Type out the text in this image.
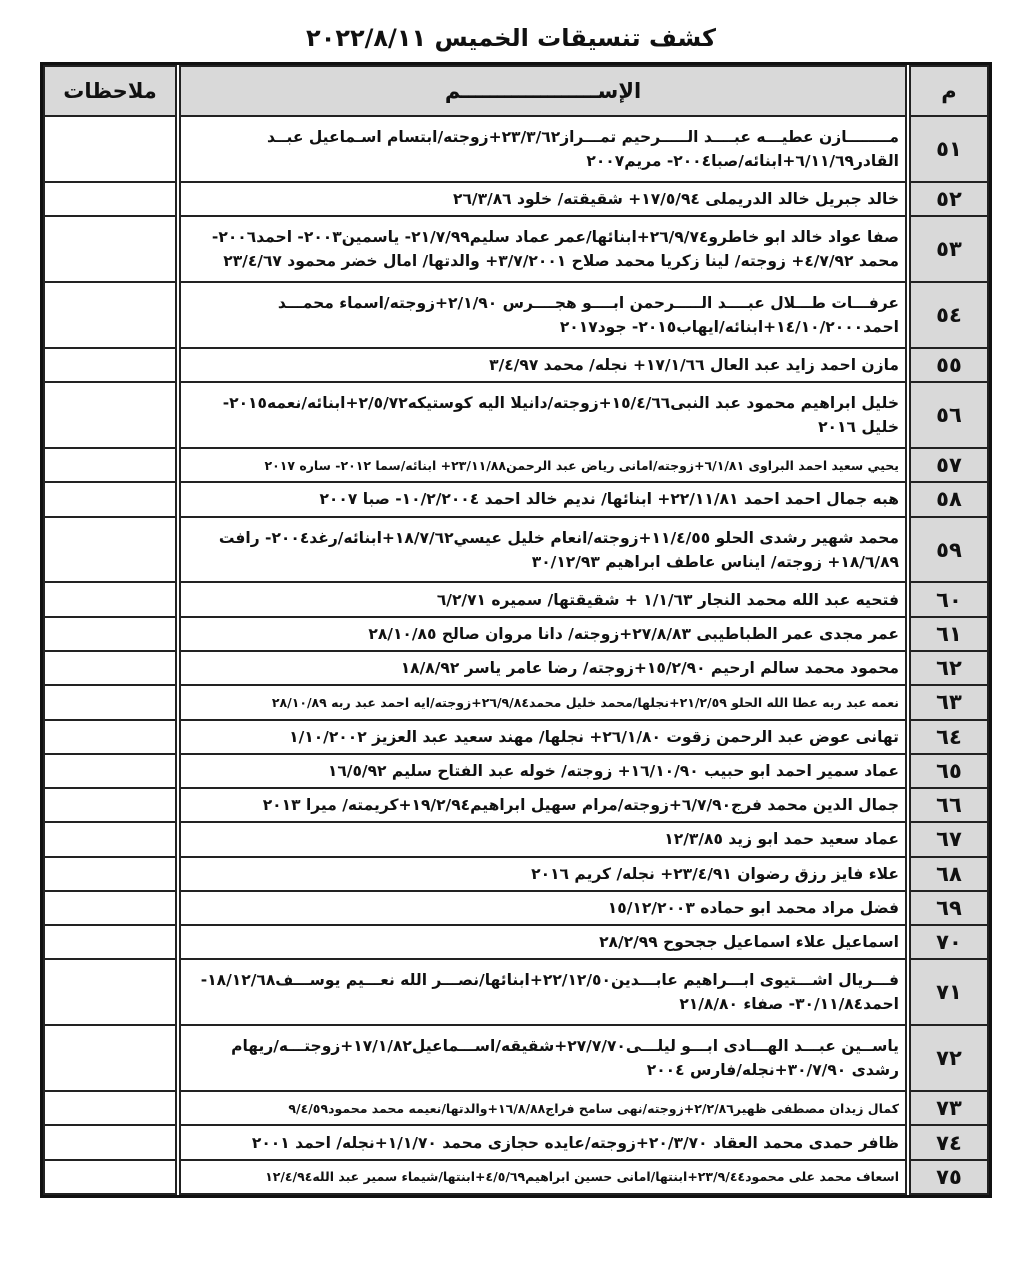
كشف تنسيقات الخميس ٢٠٢٢/٨/١١
م	الإســـــــــــــــــــم	ملاحظات
٥١	مــــــــازن عطيـــه عبــــد الـــــرحيم تمـــراز٢٣/٣/٦٢+زوجته/ابتسام اسـماعيل عبــد القادر٦/١١/٦٩+ابنائه/صبا٢٠٠٤- مريم٢٠٠٧	
٥٢	خالد جبريل خالد الدريملى ١٧/٥/٩٤+ شقيقته/ خلود ٢٦/٣/٨٦	
٥٣	صفا عواد خالد ابو خاطرو٢٦/٩/٧٤+ابنائها/عمر عماد سليم٢١/٧/٩٩- ياسمين٢٠٠٣- احمد٢٠٠٦- محمد ٤/٧/٩٢+ زوجته/ لينا زكريا محمد صلاح ٣/٧/٢٠٠١+ والدتها/ امال خضر محمود ٢٣/٤/٦٧	
٥٤	عرفـــات طـــلال عبــــد الـــــرحمن ابــــو هجــــرس ٢/١/٩٠+زوجته/اسماء محمـــد احمد١٤/١٠/٢٠٠٠+ابنائه/ايهاب٢٠١٥- جود٢٠١٧	
٥٥	مازن احمد زايد عبد العال ١٧/١/٦٦+ نجله/ محمد ٣/٤/٩٧	
٥٦	خليل ابراهيم محمود عبد النبى١٥/٤/٦٦+زوجته/دانيلا اليه كوستيكه٢/٥/٧٢+ابنائه/نعمه٢٠١٥- خليل ٢٠١٦	
٥٧	يحيي سعيد احمد البراوى ٦/١/٨١+زوجته/امانى رياض عبد الرحمن٢٣/١١/٨٨+ ابنائه/سما ٢٠١٢- ساره ٢٠١٧	
٥٨	هبه جمال احمد احمد ٢٢/١١/٨١+ ابنائها/ نديم خالد احمد ١٠/٢/٢٠٠٤- صبا ٢٠٠٧	
٥٩	محمد شهير رشدى الحلو ١١/٤/٥٥+زوجته/انعام خليل عيسي١٨/٧/٦٢+ابنائه/رغد٢٠٠٤- رافت ١٨/٦/٨٩+ زوجته/ ايناس عاطف ابراهيم ٣٠/١٢/٩٣	
٦٠	فتحيه عبد الله محمد النجار ١/١/٦٣ + شقيقتها/ سميره ٦/٢/٧١	
٦١	عمر مجدى عمر الطباطيبى ٢٧/٨/٨٣+زوجته/ دانا مروان صالح ٢٨/١٠/٨٥	
٦٢	محمود محمد سالم ارحيم ١٥/٢/٩٠+زوجته/ رضا عامر ياسر ١٨/٨/٩٢	
٦٣	نعمه عبد ربه عطا الله الحلو ٢١/٢/٥٩+نجلها/محمد خليل محمد٢٦/٩/٨٤+زوجته/ايه احمد عبد ربه ٢٨/١٠/٨٩	
٦٤	تهانى عوض عبد الرحمن زقوت ٢٦/١/٨٠+ نجلها/ مهند سعيد عبد العزيز ١/١٠/٢٠٠٢	
٦٥	عماد سمير احمد ابو حبيب ١٦/١٠/٩٠+ زوجته/ خوله عبد الفتاح سليم ١٦/٥/٩٢	
٦٦	جمال الدين محمد فرج٦/٧/٩٠+زوجته/مرام سهيل ابراهيم١٩/٢/٩٤+كريمته/ ميرا ٢٠١٣	
٦٧	عماد سعيد حمد ابو زيد ١٢/٣/٨٥	
٦٨	علاء فايز رزق رضوان ٢٣/٤/٩١+ نجله/ كريم ٢٠١٦	
٦٩	فضل مراد محمد ابو حماده ١٥/١٢/٢٠٠٣	
٧٠	اسماعيل علاء اسماعيل ججحوح ٢٨/٢/٩٩	
٧١	فـــريال اشـــتيوى ابـــراهيم عابـــدين٢٢/١٢/٥٠+ابنائها/نصـــر الله نعـــيم يوســـف١٨/١٢/٦٨- احمد٣٠/١١/٨٤- صفاء ٢١/٨/٨٠	
٧٢	ياســين عبـــد الهـــادى ابـــو ليلـــى٢٧/٧/٧٠+شقيقه/اســـماعيل١٧/١/٨٢+زوجتـــه/ريهام رشدى ٣٠/٧/٩٠+نجله/فارس ٢٠٠٤	
٧٣	كمال زيدان مصطفى ظهير٢/٢/٨٦+زوجته/نهى سامح فراج١٦/٨/٨٨+والدتها/نعيمه محمد محمود٩/٤/٥٩	
٧٤	ظافر حمدى محمد العقاد ٢٠/٣/٧٠+زوجته/عايده حجازى محمد ١/١/٧٠+نجله/ احمد ٢٠٠١	
٧٥	اسعاف محمد على محمود٢٣/٩/٤٤+ابنتها/امانى حسين ابراهيم٤/٥/٦٩+ابنتها/شيماء سمير عبد الله١٢/٤/٩٤	
